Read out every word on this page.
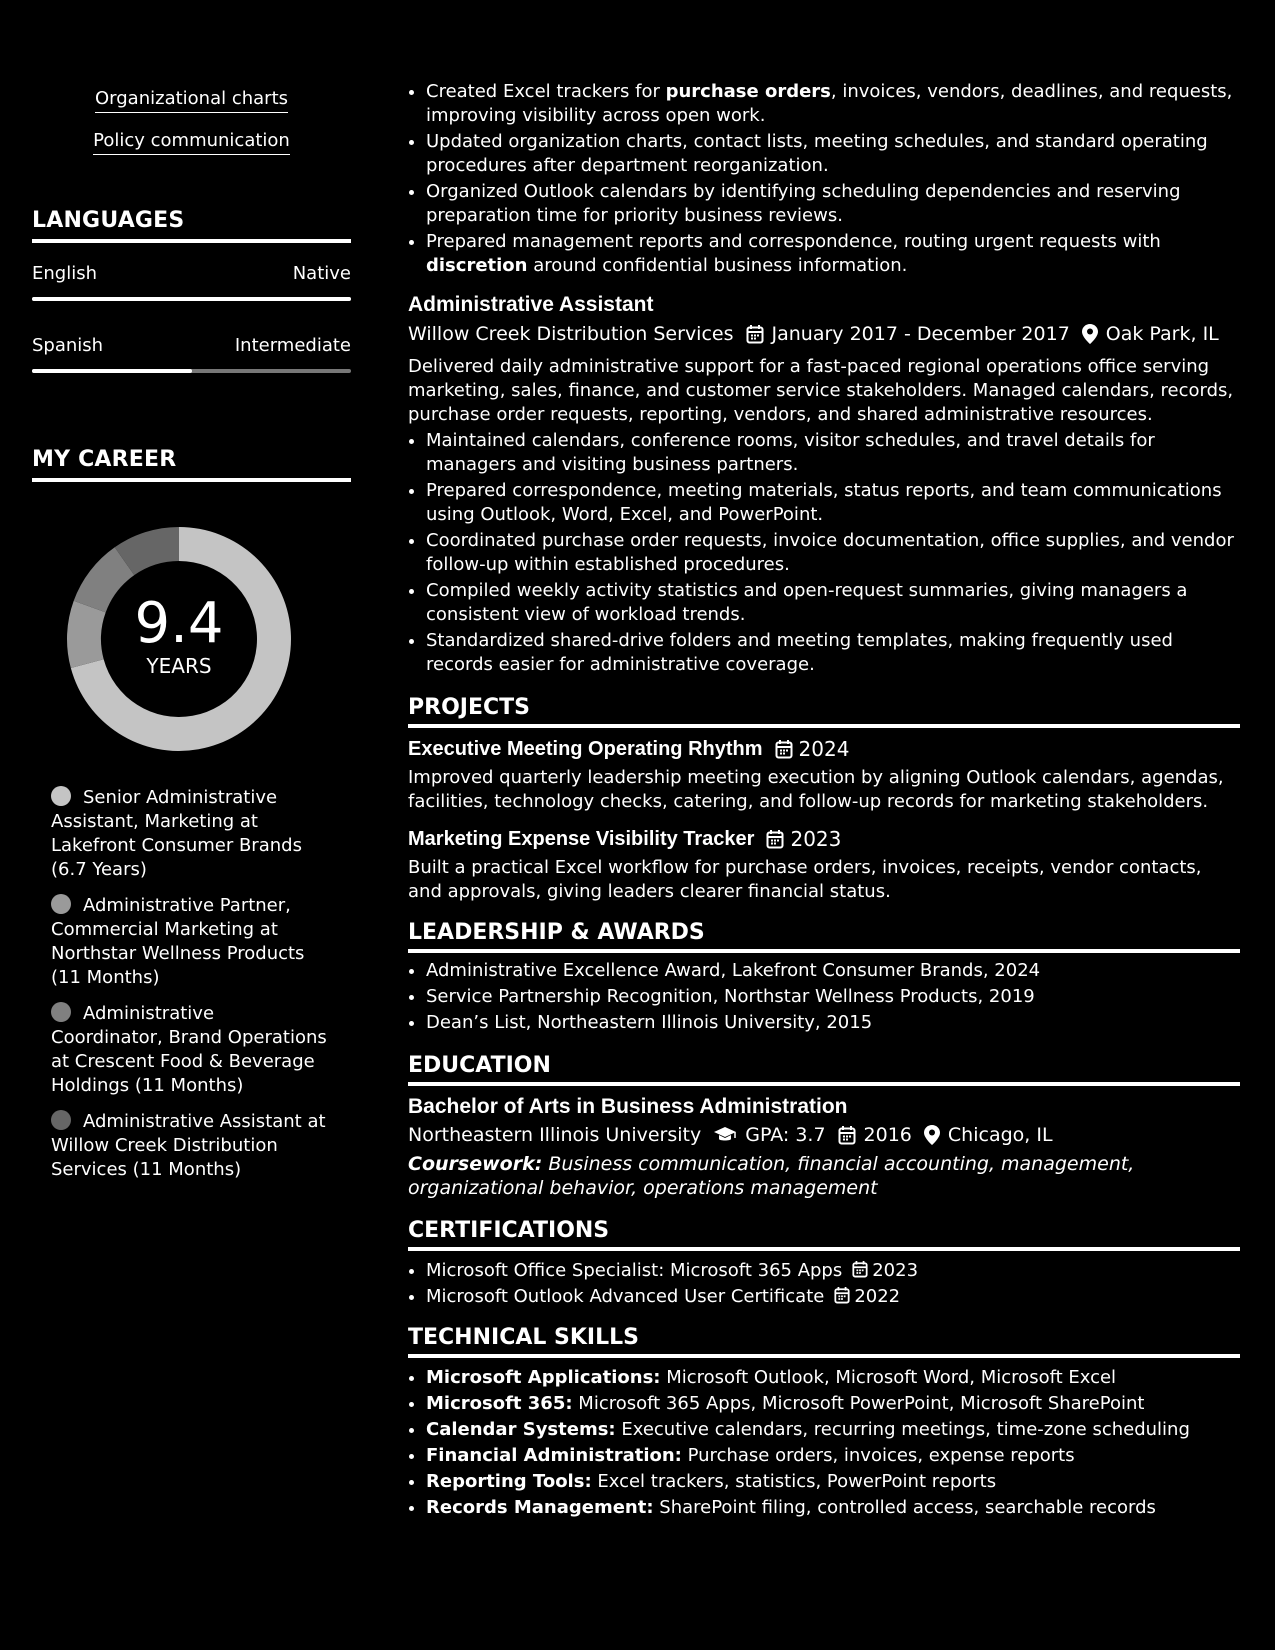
Organizational charts
Policy communication
LANGUAGES
English	Native
Spanish	Intermediate
MY CAREER
9.4
YEARS
Senior Administrative Assistant, Marketing at Lakefront Consumer Brands (6.7 Years)
Administrative Partner, Commercial Marketing at Northstar Wellness Products (11 Months)
Administrative Coordinator, Brand Operations at Crescent Food & Beverage Holdings (11 Months)
Administrative Assistant at Willow Creek Distribution Services (11 Months)
• Created Excel trackers for purchase orders, invoices, vendors, deadlines, and requests, improving visibility across open work.
• Updated organization charts, contact lists, meeting schedules, and standard operating procedures after department reorganization.
• Organized Outlook calendars by identifying scheduling dependencies and reserving preparation time for priority business reviews.
• Prepared management reports and correspondence, routing urgent requests with discretion around confidential business information.
Administrative Assistant
Willow Creek Distribution Services January 2017 - December 2017 Oak Park, IL
Delivered daily administrative support for a fast-paced regional operations office serving marketing, sales, finance, and customer service stakeholders. Managed calendars, records, purchase order requests, reporting, vendors, and shared administrative resources.
• Maintained calendars, conference rooms, visitor schedules, and travel details for managers and visiting business partners.
• Prepared correspondence, meeting materials, status reports, and team communications using Outlook, Word, Excel, and PowerPoint.
• Coordinated purchase order requests, invoice documentation, office supplies, and vendor follow-up within established procedures.
• Compiled weekly activity statistics and open-request summaries, giving managers a consistent view of workload trends.
• Standardized shared-drive folders and meeting templates, making frequently used records easier for administrative coverage.
PROJECTS
Executive Meeting Operating Rhythm 2024
Improved quarterly leadership meeting execution by aligning Outlook calendars, agendas, facilities, technology checks, catering, and follow-up records for marketing stakeholders.
Marketing Expense Visibility Tracker 2023
Built a practical Excel workflow for purchase orders, invoices, receipts, vendor contacts, and approvals, giving leaders clearer financial status.
LEADERSHIP & AWARDS
• Administrative Excellence Award, Lakefront Consumer Brands, 2024
• Service Partnership Recognition, Northstar Wellness Products, 2019
• Dean’s List, Northeastern Illinois University, 2015
EDUCATION
Bachelor of Arts in Business Administration
Northeastern Illinois University GPA: 3.7 2016 Chicago, IL
Coursework: Business communication, financial accounting, management, organizational behavior, operations management
CERTIFICATIONS
• Microsoft Office Specialist: Microsoft 365 Apps 2023
• Microsoft Outlook Advanced User Certificate 2022
TECHNICAL SKILLS
• Microsoft Applications: Microsoft Outlook, Microsoft Word, Microsoft Excel
• Microsoft 365: Microsoft 365 Apps, Microsoft PowerPoint, Microsoft SharePoint
• Calendar Systems: Executive calendars, recurring meetings, time-zone scheduling
• Financial Administration: Purchase orders, invoices, expense reports
• Reporting Tools: Excel trackers, statistics, PowerPoint reports
• Records Management: SharePoint filing, controlled access, searchable records
